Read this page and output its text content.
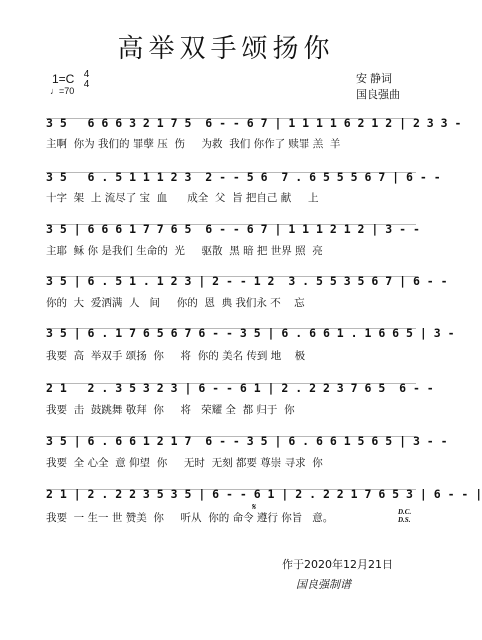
高举双手颂扬你
1=C 4
4
♩=70
安 静词
国良强曲
3 5   6 6 6 3 2 1 7 5  6 - - 6 7 | 1 1 1 1 6 2 1 2 | 2 3 3 -
主啊  你为 我们的 罪孽 压  伤     为救  我们 你作了 赎罪 羔  羊
3 5   6 . 5 1 1 1 2 3  2 - - 5 6  7 . 6 5 5 5 6 7 | 6 - -
十字  架  上 流尽了 宝  血      成全  父  旨 把自己 献     上
3 5 | 6 6 6 1 7 7 6 5  6 - - 6 7 | 1 1 1 2 1 2 | 3 - -
主耶  稣 你 是我们 生命的  光     驱散  黑 暗 把 世界 照  亮
3 5 | 6 . 5 1 . 1 2 3 | 2 - - 1 2  3 . 5 5 3 5 6 7 | 6 - -
你的  大  爱洒满  人   间     你的  恩  典 我们永 不    忘
3 5 | 6 . 1 7 6 5 6 7 6 - - 3 5 | 6 . 6 6 1 . 1 6 6 5 | 3 -
我要  高  举双手 颂扬  你     将  你的 美名 传到 地    极
2 1   2 . 3 5 3 2 3 | 6 - - 6 1 | 2 . 2 2 3 7 6 5  6 - -
我要  击  鼓跳舞 敬拜  你     将   荣耀 全  都 归于  你
3 5 | 6 . 6 6 1 2 1 7  6 - - 3 5 | 6 . 6 6 1 5 6 5 | 3 - -
我要  全 心全  意 仰望  你     无时  无刻 都要 尊崇 寻求  你
2 1 | 2 . 2 2 3 5 3 5 | 6 - - 6 1 | 2 . 2 2 1 7 6 5 3 | 6 - - |
我要  一 生一 世 赞美  你     听从  你的 命令 遵行 你旨   意。
𝄋	D.C.
D.S.
作于2020年12月21日
国良强制谱
